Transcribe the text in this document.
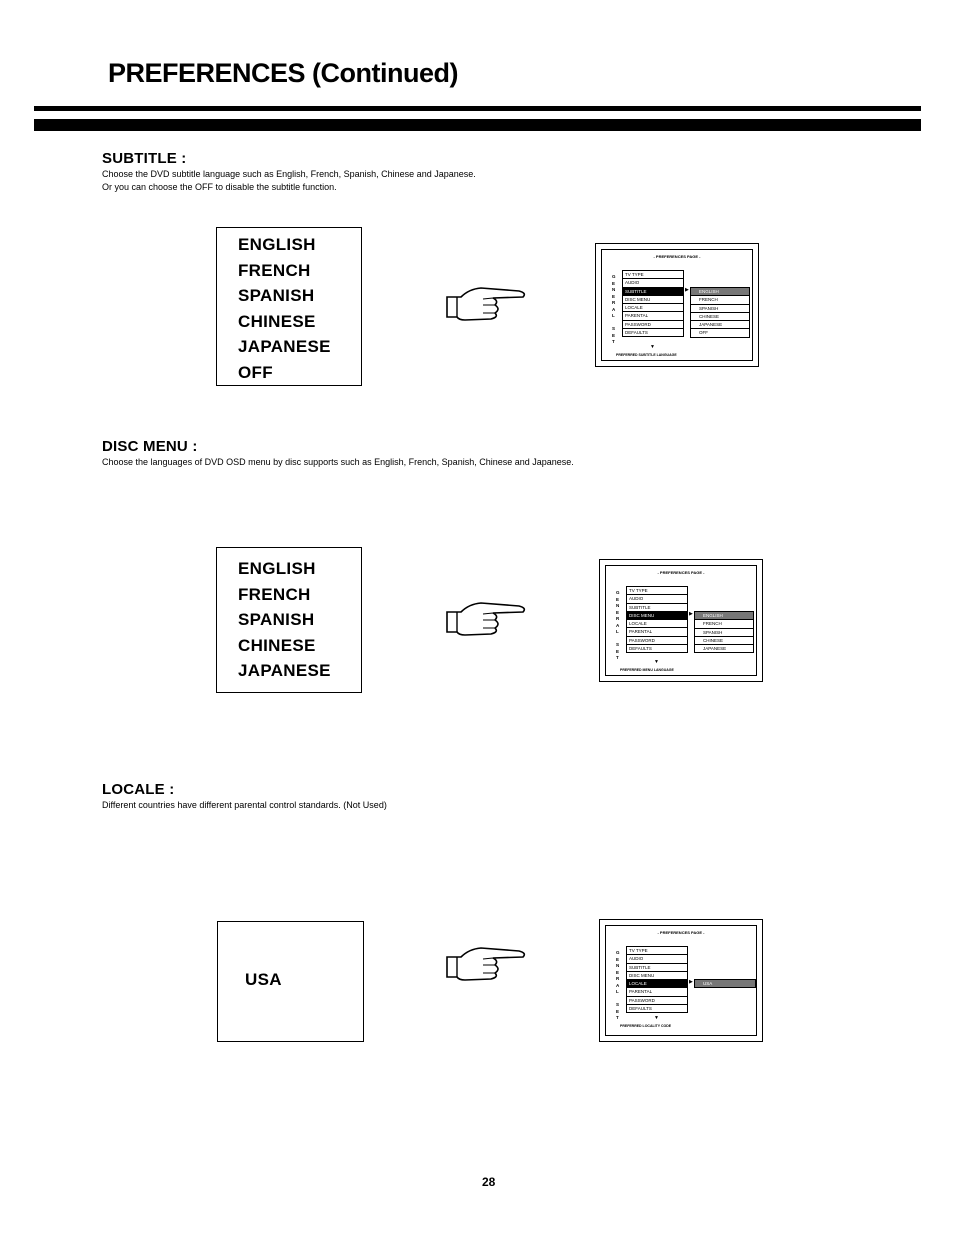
PREFERENCES (Continued)
SUBTITLE :
Choose the DVD subtitle language such as English, French, Spanish, Chinese and Japanese.
Or you can choose the OFF to disable the subtitle function.
ENGLISH
FRENCH
SPANISH
CHINESE
JAPANESE
OFF
- PREFERENCES PAGE -
G
E
N
E
R
A
L

S
E
T
TV TYPE
AUDIO
SUBTITLE
DISC MENU
LOCALE
PARENTAL
PASSWORD
DEFAULTS
▶	ENGLISH
FRENCH
SPANISH
CHINESE
JAPANESE
OFF
▼
PREFERRED SUBTITLE LANGUAGE
DISC MENU :
Choose the languages of DVD OSD menu by disc supports such as English, French, Spanish, Chinese and Japanese.
ENGLISH
FRENCH
SPANISH
CHINESE
JAPANESE
- PREFERENCES PAGE -
G
E
N
E
R
A
L

S
E
T
TV TYPE
AUDIO
SUBTITLE
DISC MENU
LOCALE
PARENTAL
PASSWORD
DEFAULTS
▶	ENGLISH
FRENCH
SPANISH
CHINESE
JAPANESE
▼
PREFERRED MENU LANGUAGE
LOCALE :
Different countries have different parental control standards. (Not Used)
USA
- PREFERENCES PAGE -
G
E
N
E
R
A
L

S
E
T
TV TYPE
AUDIO
SUBTITLE
DISC MENU
LOCALE
PARENTAL
PASSWORD
DEFAULTS
▶	USA
▼
PREFERRED LOCALITY CODE
28
